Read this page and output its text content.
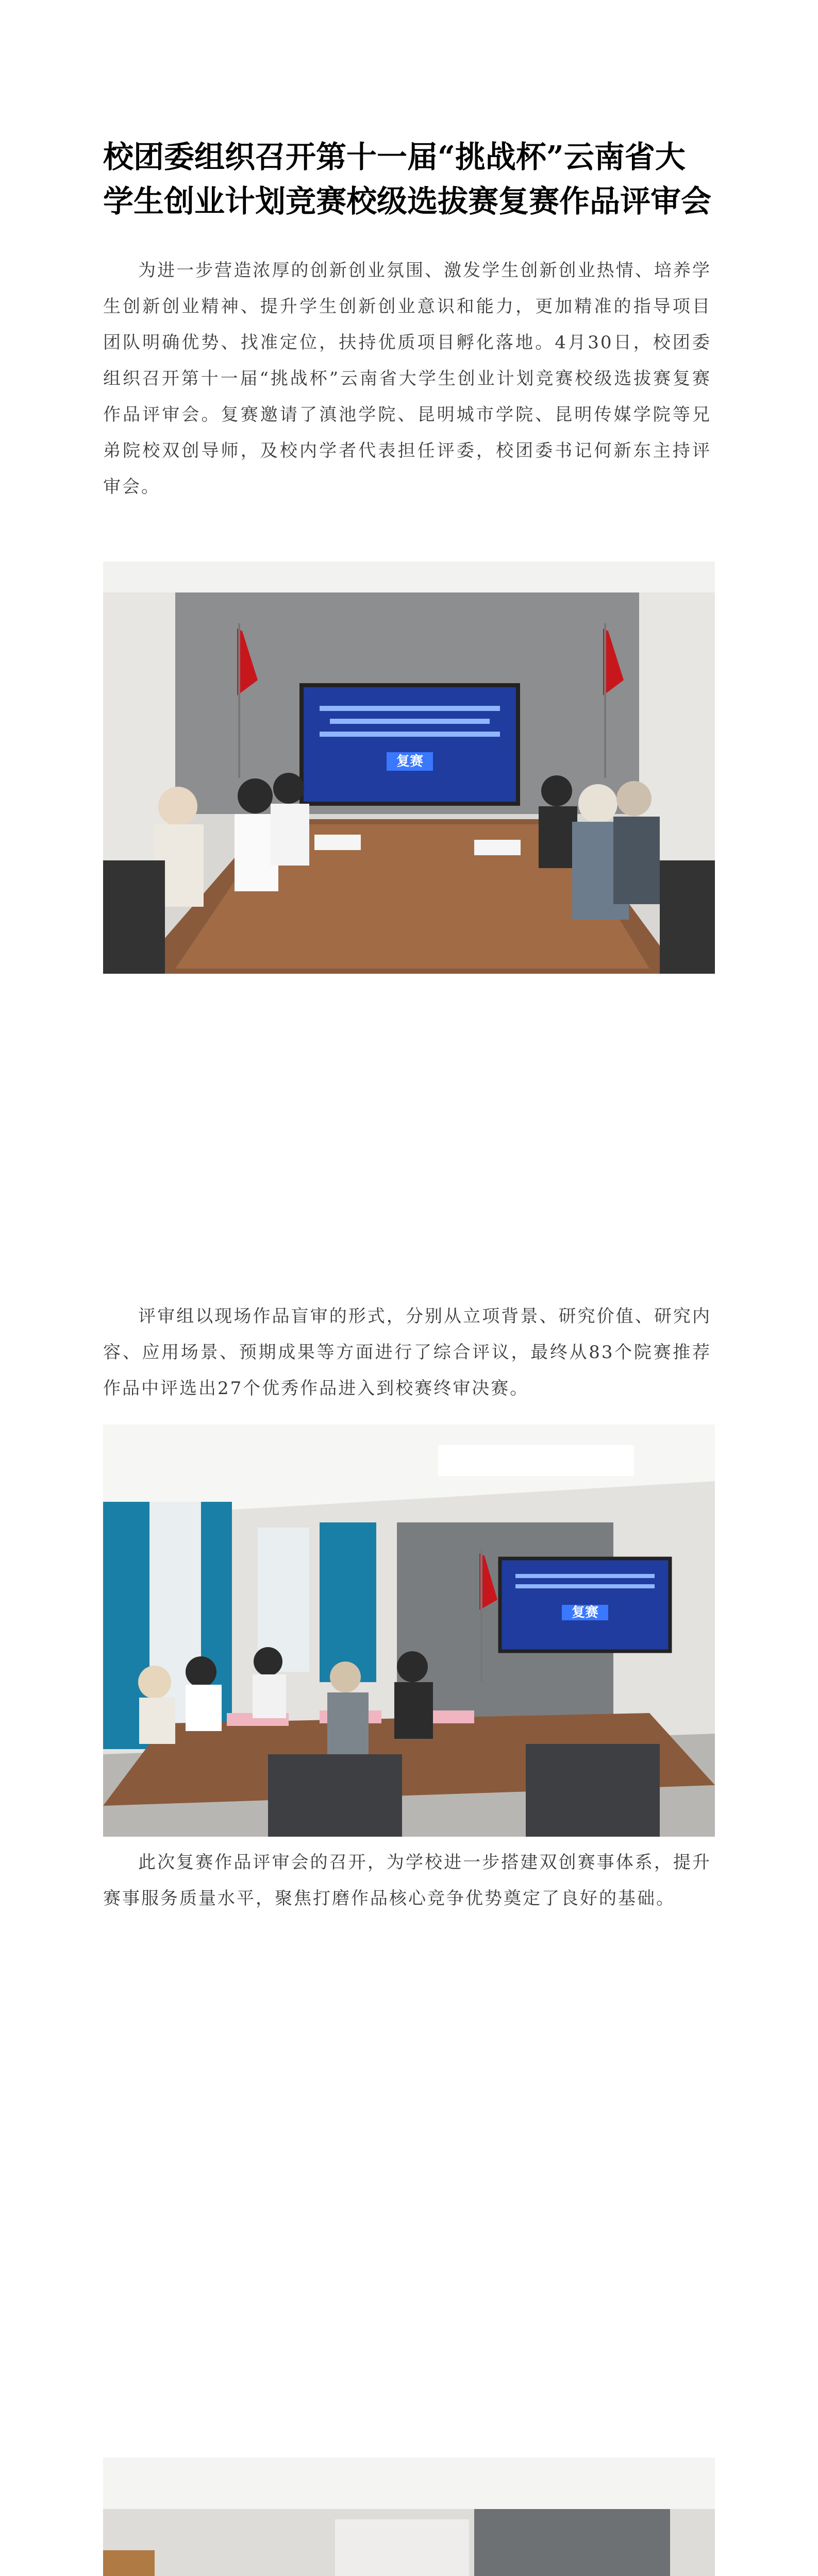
校团委组织召开第十一届“挑战杯”云南省大
学生创业计划竞赛校级选拔赛复赛作品评审会

为进一步营造浓厚的创新创业氛围、激发学生创新创业热情、培养学生创新创业精神、提升学生创新创业意识和能力，更加精准的指导项目团队明确优势、找准定位，扶持优质项目孵化落地。4月30日，校团委组织召开第十一届“挑战杯”云南省大学生创业计划竞赛校级选拔赛复赛作品评审会。复赛邀请了滇池学院、昆明城市学院、昆明传媒学院等兄弟院校双创导师，及校内学者代表担任评委，校团委书记何新东主持评审会。

复赛

评审组以现场作品盲审的形式，分别从立项背景、研究价值、研究内容、应用场景、预期成果等方面进行了综合评议，最终从83个院赛推荐作品中评选出27个优秀作品进入到校赛终审决赛。

复赛

此次复赛作品评审会的召开，为学校进一步搭建双创赛事体系，提升赛事服务质量水平，聚焦打磨作品核心竞争优势奠定了良好的基础。
